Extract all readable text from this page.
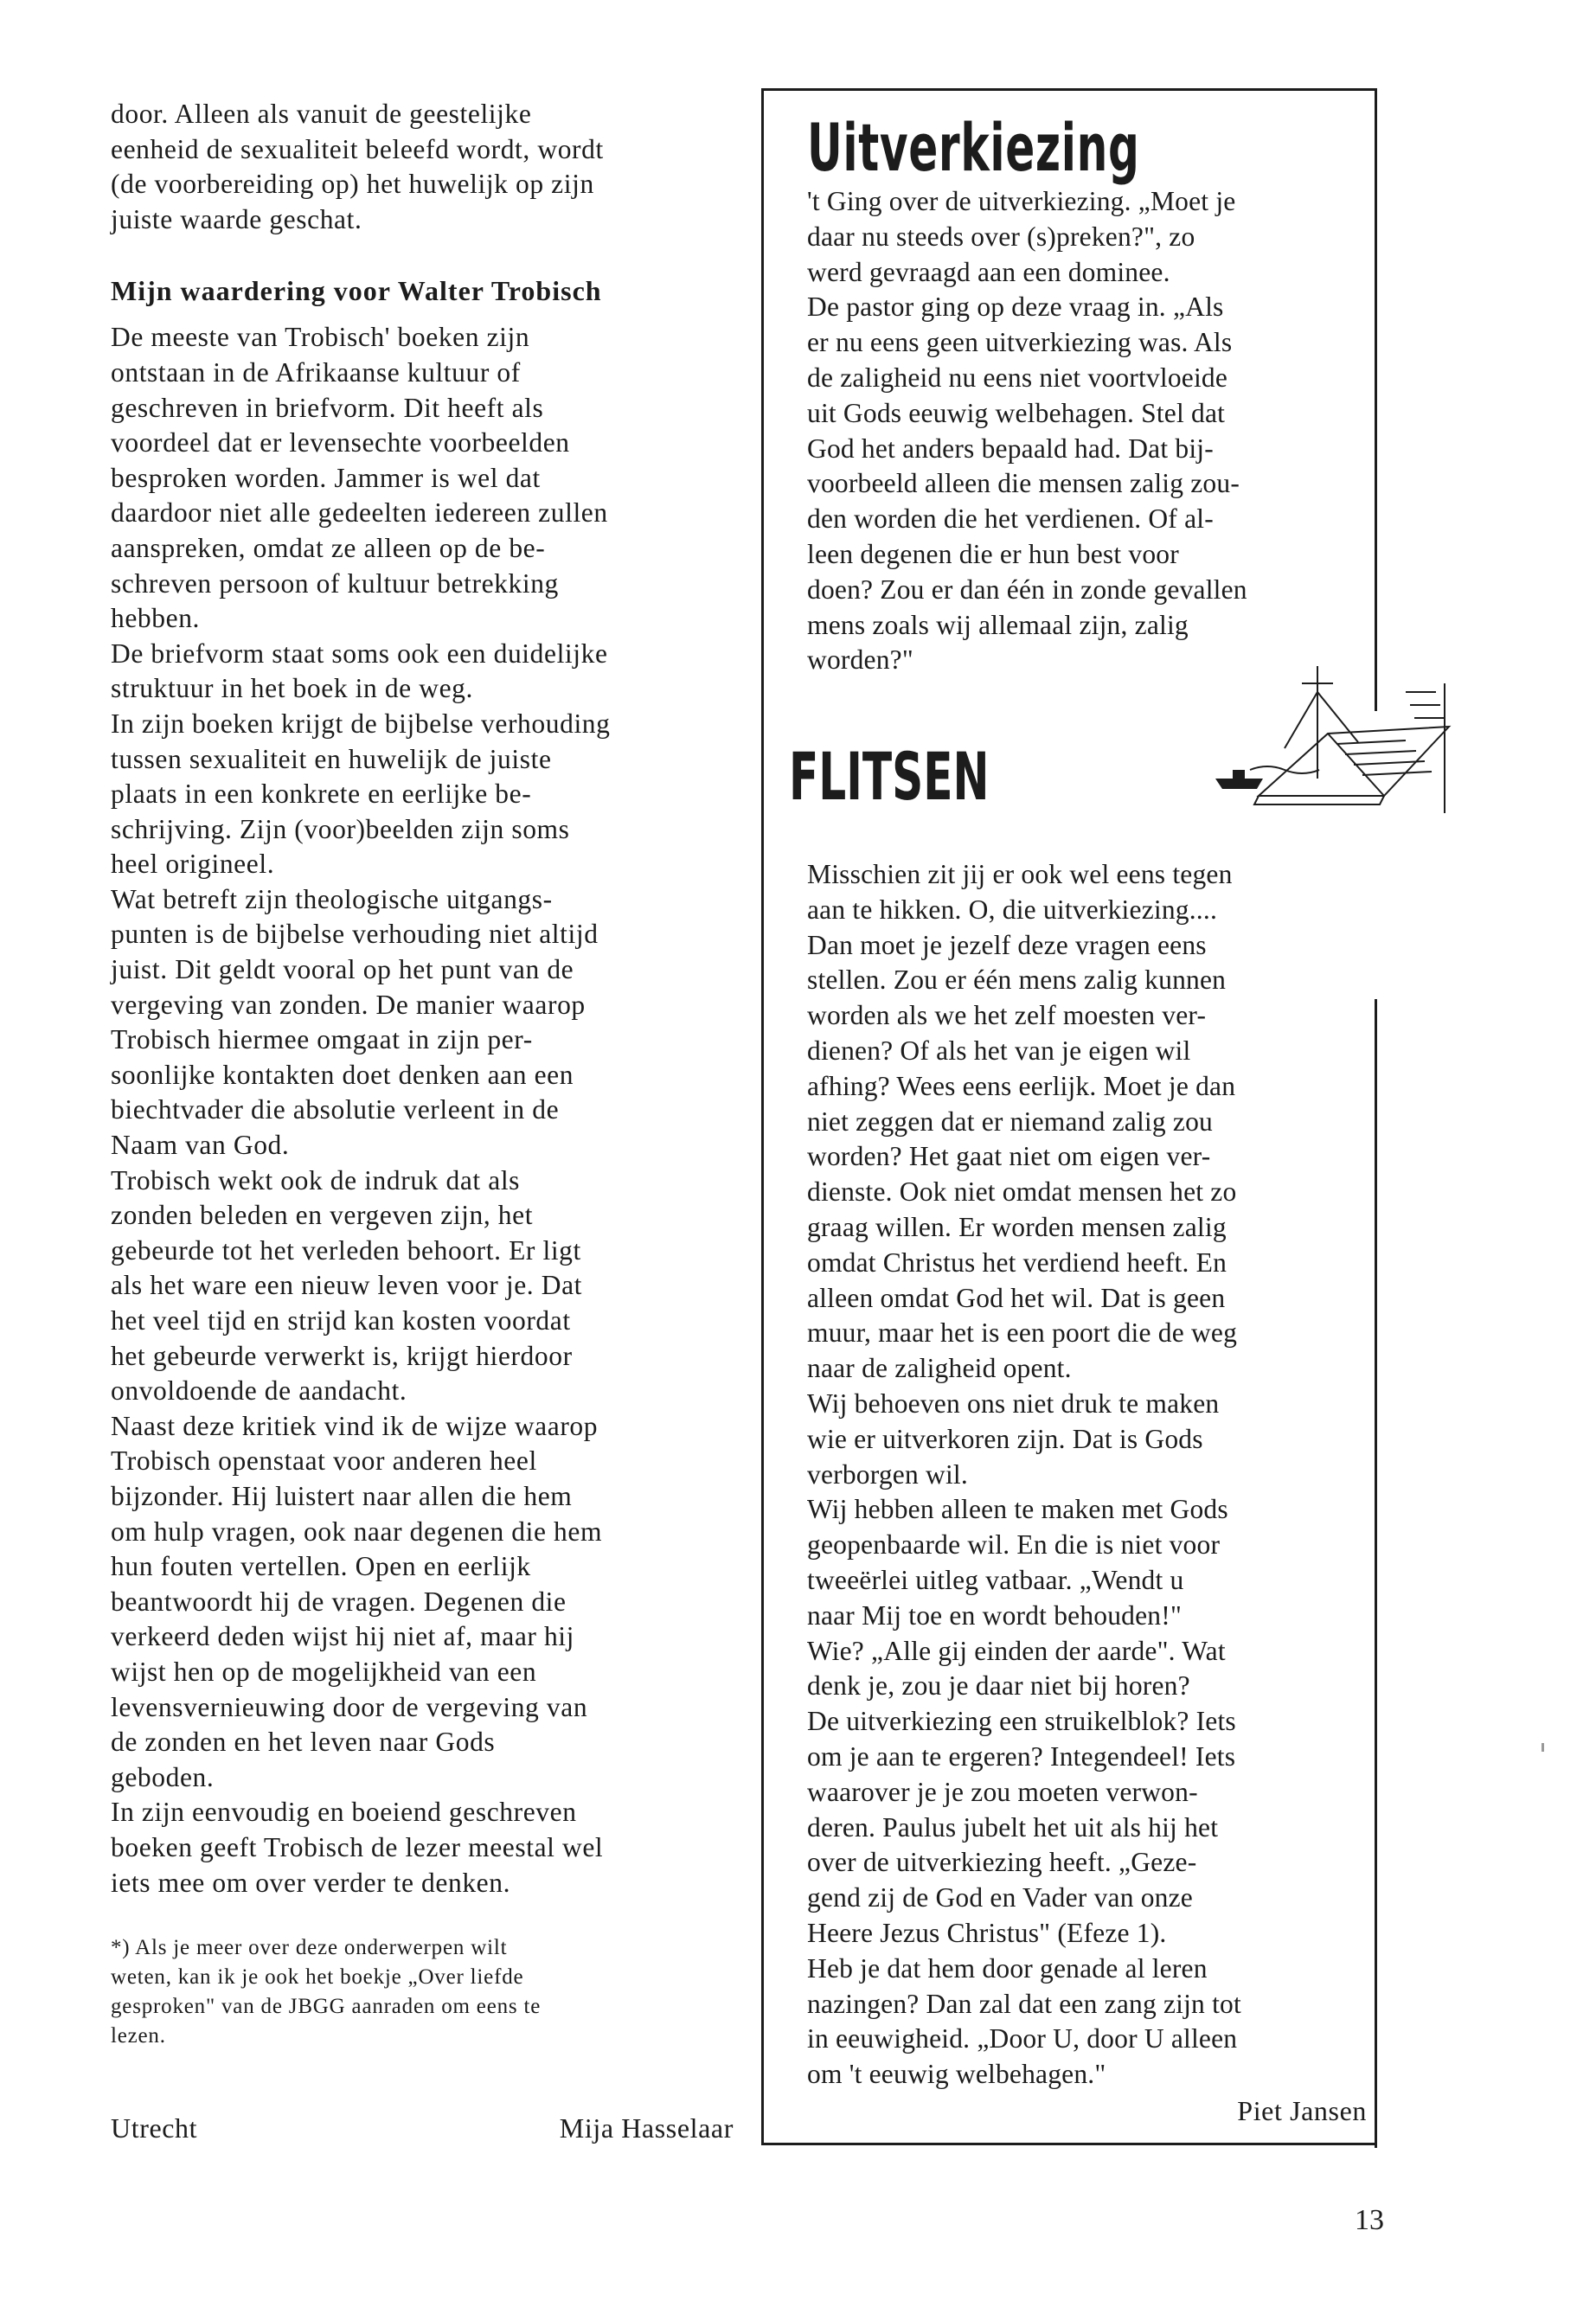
door. Alleen als vanuit de geestelijke

eenheid de sexualiteit beleefd wordt, wordt

(de voorbereiding op) het huwelijk op zijn

juiste waarde geschat.

Mijn waardering voor Walter Trobisch

De meeste van Trobisch' boeken zijn

ontstaan in de Afrikaanse kultuur of

geschreven in briefvorm. Dit heeft als

voordeel dat er levensechte voorbeelden

besproken worden. Jammer is wel dat

daardoor niet alle gedeelten iedereen zullen

aanspreken, omdat ze alleen op de be-

schreven persoon of kultuur betrekking

hebben.

De briefvorm staat soms ook een duidelijke

struktuur in het boek in de weg.

In zijn boeken krijgt de bijbelse verhouding

tussen sexualiteit en huwelijk de juiste

plaats in een konkrete en eerlijke be-

schrijving. Zijn (voor)beelden zijn soms

heel origineel.

Wat betreft zijn theologische uitgangs-

punten is de bijbelse verhouding niet altijd

juist. Dit geldt vooral op het punt van de

vergeving van zonden. De manier waarop

Trobisch hiermee omgaat in zijn per-

soonlijke kontakten doet denken aan een

biechtvader die absolutie verleent in de

Naam van God.

Trobisch wekt ook de indruk dat als

zonden beleden en vergeven zijn, het

gebeurde tot het verleden behoort. Er ligt

als het ware een nieuw leven voor je. Dat

het veel tijd en strijd kan kosten voordat

het gebeurde verwerkt is, krijgt hierdoor

onvoldoende de aandacht.

Naast deze kritiek vind ik de wijze waarop

Trobisch openstaat voor anderen heel

bijzonder. Hij luistert naar allen die hem

om hulp vragen, ook naar degenen die hem

hun fouten vertellen. Open en eerlijk

beantwoordt hij de vragen. Degenen die

verkeerd deden wijst hij niet af, maar hij

wijst hen op de mogelijkheid van een

levensvernieuwing door de vergeving van

de zonden en het leven naar Gods

geboden.

In zijn eenvoudig en boeiend geschreven

boeken geeft Trobisch de lezer meestal wel

iets mee om over verder te denken.

*) Als je meer over deze onderwerpen wilt

weten, kan ik je ook het boekje „Over liefde

gesproken" van de JBGG aanraden om eens te

lezen.

Utrecht	Mija Hasselaar
Uitverkiezing

't Ging over de uitverkiezing. „Moet je

daar nu steeds over (s)preken?", zo

werd gevraagd aan een dominee.

De pastor ging op deze vraag in. „Als

er nu eens geen uitverkiezing was. Als

de zaligheid nu eens niet voortvloeide

uit Gods eeuwig welbehagen. Stel dat

God het anders bepaald had. Dat bij-

voorbeeld alleen die mensen zalig zou-

den worden die het verdienen. Of al-

leen degenen die er hun best voor

doen? Zou er dan één in zonde gevallen

mens zoals wij allemaal zijn, zalig

worden?"

Misschien zit jij er ook wel eens tegen

aan te hikken. O, die uitverkiezing....

Dan moet je jezelf deze vragen eens

stellen. Zou er één mens zalig kunnen

worden als we het zelf moesten ver-

dienen? Of als het van je eigen wil

afhing? Wees eens eerlijk. Moet je dan

niet zeggen dat er niemand zalig zou

worden? Het gaat niet om eigen ver-

dienste. Ook niet omdat mensen het zo

graag willen. Er worden mensen zalig

omdat Christus het verdiend heeft. En

alleen omdat God het wil. Dat is geen

muur, maar het is een poort die de weg

naar de zaligheid opent.

Wij behoeven ons niet druk te maken

wie er uitverkoren zijn. Dat is Gods

verborgen wil.

Wij hebben alleen te maken met Gods

geopenbaarde wil. En die is niet voor

tweeërlei uitleg vatbaar. „Wendt u

naar Mij toe en wordt behouden!"

Wie? „Alle gij einden der aarde". Wat

denk je, zou je daar niet bij horen?

De uitverkiezing een struikelblok? Iets

om je aan te ergeren? Integendeel! Iets

waarover je je zou moeten verwon-

deren. Paulus jubelt het uit als hij het

over de uitverkiezing heeft. „Geze-

gend zij de God en Vader van onze

Heere Jezus Christus" (Efeze 1).

Heb je dat hem door genade al leren

nazingen? Dan zal dat een zang zijn tot

in eeuwigheid. „Door U, door U alleen

om 't eeuwig welbehagen."

FLITSEN
Piet Jansen
13
